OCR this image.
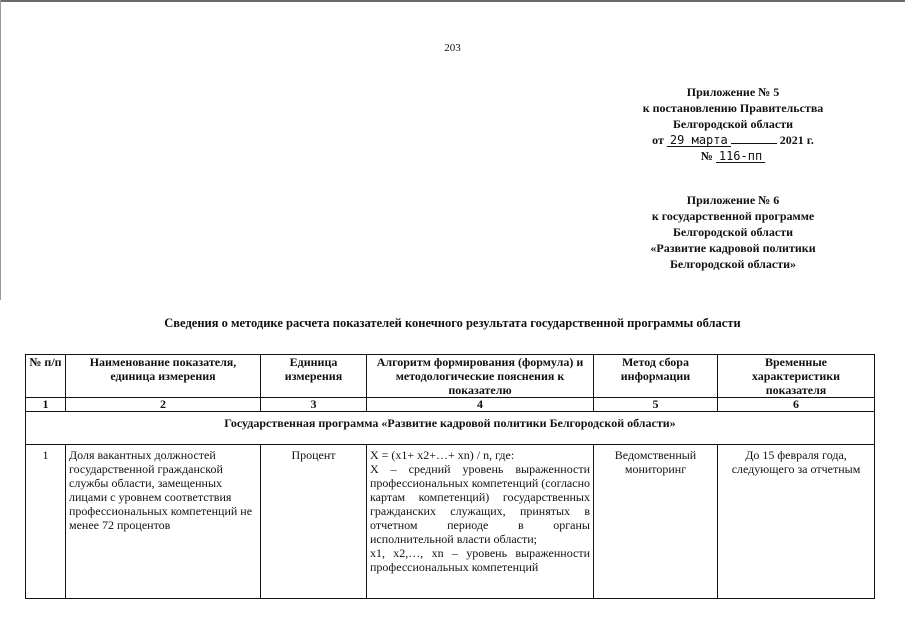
203
Приложение № 5
к постановлению Правительства
Белгородской области
от 29 марта	2021 г.
№ 116-пп
Приложение № 6
к государственной программе
Белгородской области
«Развитие кадровой политики
Белгородской области»
Сведения о методике расчета показателей конечного результата государственной программы области
№ п/п	Наименование показателя, единица измерения	Единица измерения	Алгоритм формирования (формула) и методологические пояснения к показателю	Метод сбора информации	Временные характеристики показателя
1	2	3	4	5	6
Государственная программа «Развитие кадровой политики Белгородской области»					
1	Доля вакантных должностей государственной гражданской службы области, замещенных лицами с уровнем соответствия профессиональных компетенций не менее 72 процентов	Процент	X = (x1+ x2+…+ xn) / n, где:
X – средний уровень выраженности профессиональных компетенций (согласно картам компетенций) государственных гражданских служащих, принятых в отчетном периоде в органы исполнительной власти области;
x1, x2,…, xn – уровень выраженности профессиональных компетенций	Ведомственный мониторинг	До 15 февраля года, следующего за отчетным
